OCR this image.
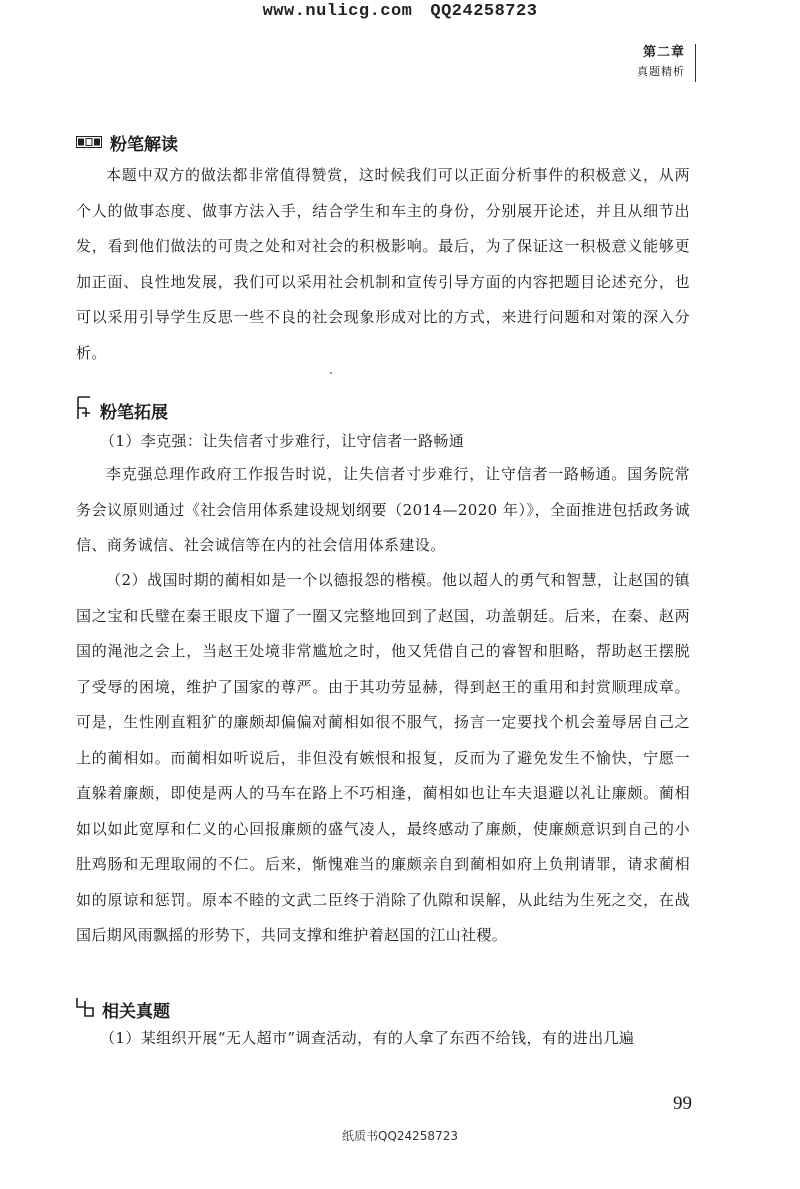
www.nulicg.com QQ24258723
第二章
真题精析
粉笔解读

本题中双方的做法都非常值得赞赏，这时候我们可以正面分析事件的积极意义，从两个人的做事态度、做事方法入手，结合学生和车主的身份，分别展开论述，并且从细节出发，看到他们做法的可贵之处和对社会的积极影响。最后，为了保证这一积极意义能够更加正面、良性地发展，我们可以采用社会机制和宣传引导方面的内容把题目论述充分，也可以采用引导学生反思一些不良的社会现象形成对比的方式，来进行问题和对策的深入分析。

粉笔拓展
（1）李克强：让失信者寸步难行，让守信者一路畅通

李克强总理作政府工作报告时说，让失信者寸步难行，让守信者一路畅通。国务院常务会议原则通过《社会信用体系建设规划纲要（2014—2020 年）》，全面推进包括政务诚信、商务诚信、社会诚信等在内的社会信用体系建设。

（2）战国时期的蔺相如是一个以德报怨的楷模。他以超人的勇气和智慧，让赵国的镇国之宝和氏璧在秦王眼皮下遛了一圈又完整地回到了赵国，功盖朝廷。后来，在秦、赵两国的渑池之会上，当赵王处境非常尴尬之时，他又凭借自己的睿智和胆略，帮助赵王摆脱了受辱的困境，维护了国家的尊严。由于其功劳显赫，得到赵王的重用和封赏顺理成章。可是，生性刚直粗犷的廉颇却偏偏对蔺相如很不服气，扬言一定要找个机会羞辱居自己之上的蔺相如。而蔺相如听说后，非但没有嫉恨和报复，反而为了避免发生不愉快，宁愿一直躲着廉颇，即使是两人的马车在路上不巧相逢，蔺相如也让车夫退避以礼让廉颇。蔺相如以如此宽厚和仁义的心回报廉颇的盛气凌人，最终感动了廉颇，使廉颇意识到自己的小肚鸡肠和无理取闹的不仁。后来，惭愧难当的廉颇亲自到蔺相如府上负荆请罪，请求蔺相如的原谅和惩罚。原本不睦的文武二臣终于消除了仇隙和误解，从此结为生死之交，在战国后期风雨飘摇的形势下，共同支撑和维护着赵国的江山社稷。

相关真题
（1）某组织开展“无人超市”调查活动，有的人拿了东西不给钱，有的进出几遍
99
纸质书QQ24258723
